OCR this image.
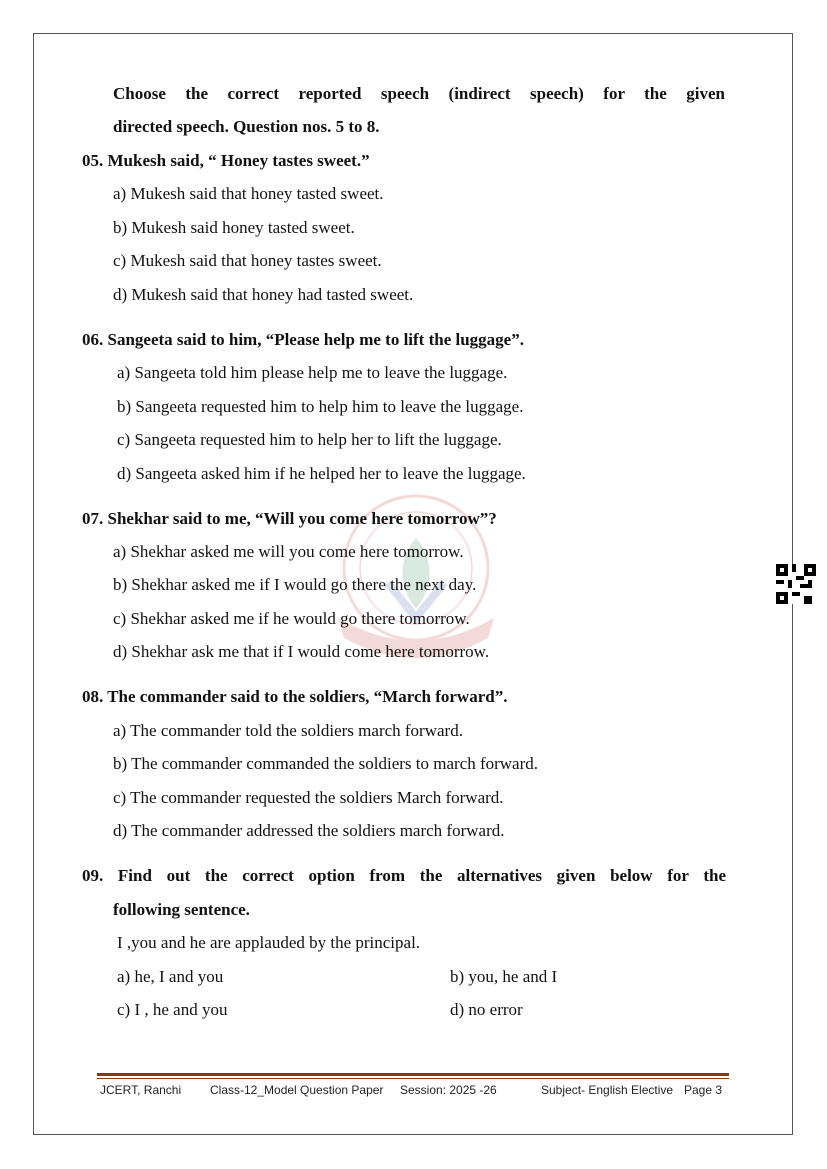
Choose the correct reported speech (indirect speech) for the given
directed speech. Question nos. 5 to 8.
05. Mukesh said, “ Honey tastes sweet.”
a) Mukesh said that honey tasted sweet.
b) Mukesh said honey tasted sweet.
c) Mukesh said that honey tastes sweet.
d) Mukesh said that honey had tasted sweet.
06. Sangeeta said to him, “Please help me to lift the luggage”.
a) Sangeeta told him please help me to leave the luggage.
b) Sangeeta requested him to help him to leave the luggage.
c) Sangeeta requested him to help her to lift the luggage.
d) Sangeeta asked him if he helped her to leave the luggage.
07. Shekhar said to me, “Will you come here tomorrow”?
a) Shekhar asked me will you come here tomorrow.
b) Shekhar asked me if I would go there the next day.
c) Shekhar asked me if he would go there tomorrow.
d) Shekhar ask me that if I would come here tomorrow.
08. The commander said to the soldiers, “March forward”.
a) The commander told the soldiers march forward.
b) The commander commanded the soldiers to march forward.
c) The commander requested the soldiers March forward.
d) The commander addressed the soldiers march forward.
09. Find out the correct option from the alternatives given below for the
following sentence.
I ,you and he are applauded by the principal.
a) he, I and you	b) you, he and I
c) I , he and you	d) no error
JCERT, Ranchi Class-12_Model Question Paper Session: 2025 -26	Subject- English Elective Page 3
